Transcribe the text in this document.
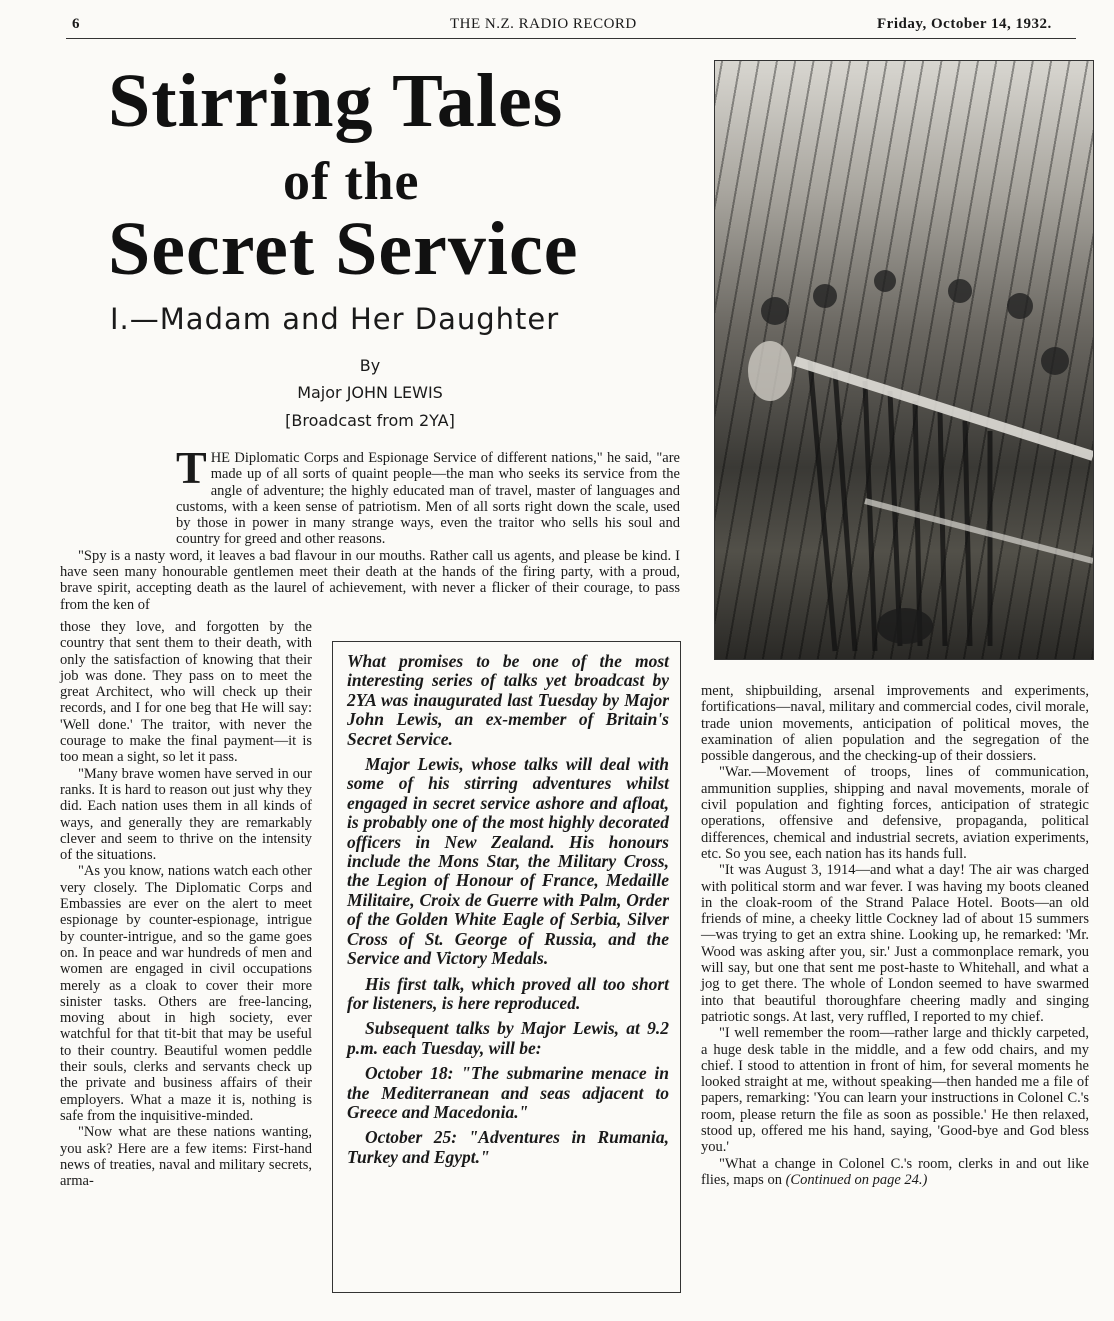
6	THE N.Z. RADIO RECORD	Friday, October 14, 1932.
Stirring Tales
of the
Secret Service
I.—Madam and Her Daughter
By
Major JOHN LEWIS
[Broadcast from 2YA]

THE Diplomatic Corps and Espionage Service of different nations," he said, "are made up of all sorts of quaint people—the man who seeks its service from the angle of adventure; the highly educated man of travel, master of languages and customs, with a keen sense of patriotism. Men of all sorts right down the scale, used by those in power in many strange ways, even the traitor who sells his soul and country for greed and other reasons.

"Spy is a nasty word, it leaves a bad flavour in our mouths. Rather call us agents, and please be kind. I have seen many honourable gentlemen meet their death at the hands of the firing party, with a proud, brave spirit, accepting death as the laurel of achievement, with never a flicker of their courage, to pass from the ken of

those they love, and forgotten by the country that sent them to their death, with only the satisfaction of knowing that their job was done. They pass on to meet the great Architect, who will check up their records, and I for one beg that He will say: 'Well done.' The traitor, with never the courage to make the final payment—it is too mean a sight, so let it pass.

"Many brave women have served in our ranks. It is hard to reason out just why they did. Each nation uses them in all kinds of ways, and generally they are remarkably clever and seem to thrive on the intensity of the situations.

"As you know, nations watch each other very closely. The Diplomatic Corps and Embassies are ever on the alert to meet espionage by counter-espionage, intrigue by counter-intrigue, and so the game goes on. In peace and war hundreds of men and women are engaged in civil occupations merely as a cloak to cover their more sinister tasks. Others are free-lancing, moving about in high society, ever watchful for that tit-bit that may be useful to their country. Beautiful women peddle their souls, clerks and servants check up the private and business affairs of their employers. What a maze it is, nothing is safe from the inquisitive-minded.

"Now what are these nations wanting, you ask? Here are a few items: First-hand news of treaties, naval and military secrets, arma-

What promises to be one of the most interesting series of talks yet broadcast by 2YA was inaugurated last Tuesday by Major John Lewis, an ex-member of Britain's Secret Service.

Major Lewis, whose talks will deal with some of his stirring adventures whilst engaged in secret service ashore and afloat, is probably one of the most highly decorated officers in New Zealand. His honours include the Mons Star, the Military Cross, the Legion of Honour of France, Medaille Militaire, Croix de Guerre with Palm, Order of the Golden White Eagle of Serbia, Silver Cross of St. George of Russia, and the Service and Victory Medals.

His first talk, which proved all too short for listeners, is here reproduced.

Subsequent talks by Major Lewis, at 9.2 p.m. each Tuesday, will be:

October 18: "The submarine menace in the Mediterranean and seas adjacent to Greece and Macedonia."

October 25: "Adventures in Rumania, Turkey and Egypt."

ment, shipbuilding, arsenal improvements and experiments, fortifications—naval, military and commercial codes, civil morale, trade union movements, anticipation of political moves, the examination of alien population and the segregation of the possible dangerous, and the checking-up of their dossiers.

"War.—Movement of troops, lines of communication, ammunition supplies, shipping and naval movements, morale of civil population and fighting forces, anticipation of strategic operations, offensive and defensive, propaganda, political differences, chemical and industrial secrets, aviation experiments, etc. So you see, each nation has its hands full.

"It was August 3, 1914—and what a day! The air was charged with political storm and war fever. I was having my boots cleaned in the cloak-room of the Strand Palace Hotel. Boots—an old friends of mine, a cheeky little Cockney lad of about 15 summers—was trying to get an extra shine. Looking up, he remarked: 'Mr. Wood was asking after you, sir.' Just a commonplace remark, you will say, but one that sent me post-haste to Whitehall, and what a jog to get there. The whole of London seemed to have swarmed into that beautiful thoroughfare cheering madly and singing patriotic songs. At last, very ruffled, I reported to my chief.

"I well remember the room—rather large and thickly carpeted, a huge desk table in the middle, and a few odd chairs, and my chief. I stood to attention in front of him, for several moments he looked straight at me, without speaking—then handed me a file of papers, remarking: 'You can learn your instructions in Colonel C.'s room, please return the file as soon as possible.' He then relaxed, stood up, offered me his hand, saying, 'Good-bye and God bless you.'

"What a change in Colonel C.'s room, clerks in and out like flies, maps on (Continued on page 24.)
